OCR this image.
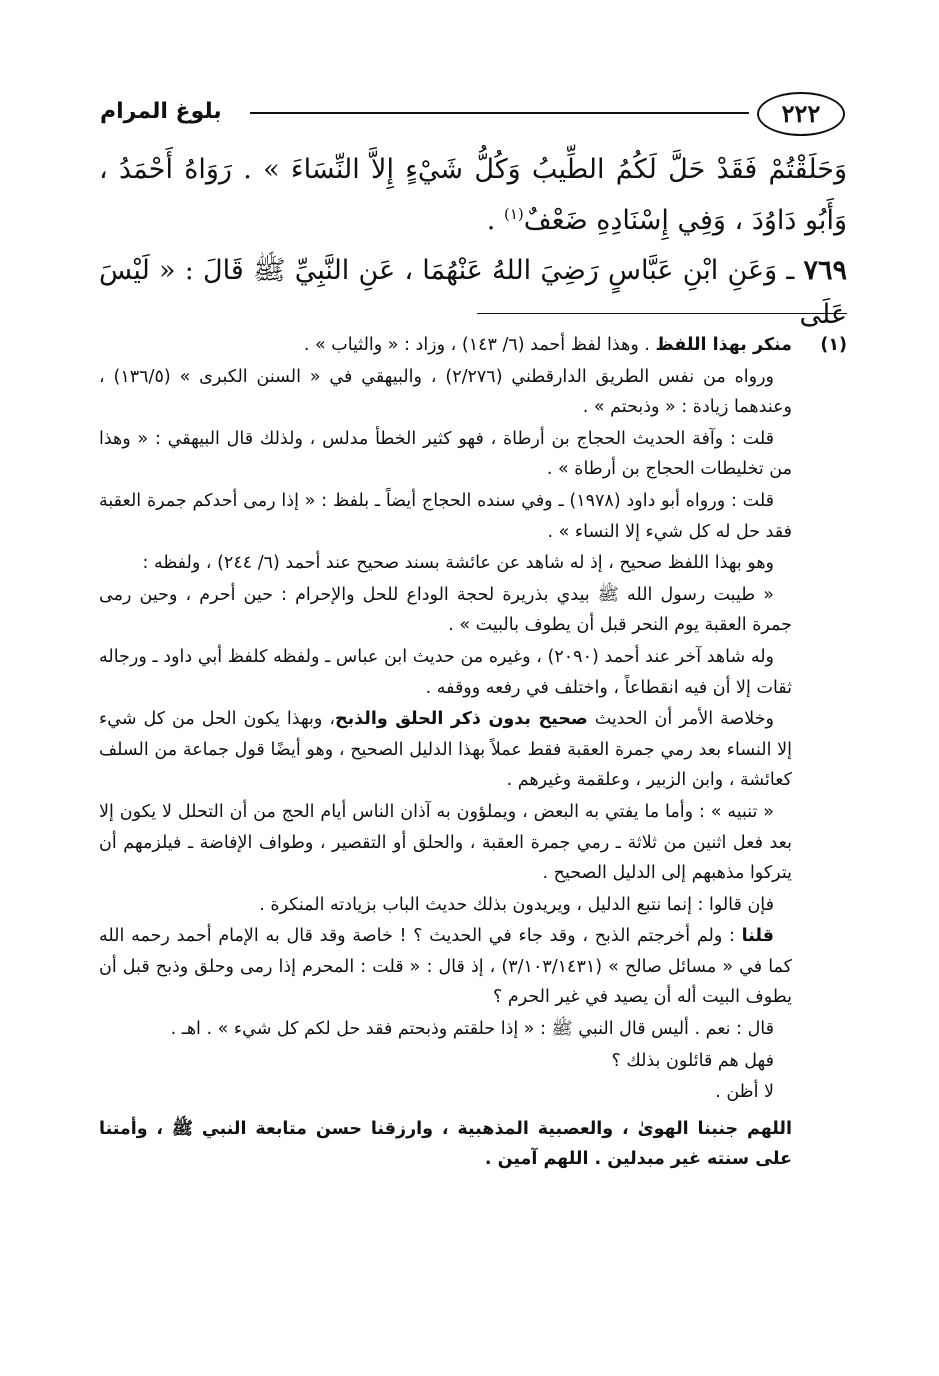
٢٢٢
بلوغ المرام

وَحَلَقْتُمْ فَقَدْ حَلَّ لَكُمُ الطِّيبُ وَكُلُّ شَيْءٍ إِلاَّ النِّسَاءَ » . رَوَاهُ أَحْمَدُ ، وَأَبُو دَاوُدَ ، وَفِي إِسْنَادِهِ ضَعْفٌ$^{(١)}$ .

٧٦٩ ـ وَعَنِ ابْنِ عَبَّاسٍ رَضِيَ اللهُ عَنْهُمَا ، عَنِ النَّبِيِّ ﷺ قَالَ : « لَيْسَ عَلَى

(١)

منكر بهذا اللفظ . وهذا لفظ أحمد (٦/ ١٤٣) ، وزاد : « والثياب » .

ورواه من نفس الطريق الدارقطني (٢/٢٧٦) ، والبيهقي في « السنن الكبرى » (١٣٦/٥) ، وعندهما زيادة : « وذبحتم » .

قلت : وآفة الحديث الحجاج بن أرطاة ، فهو كثير الخطأ مدلس ، ولذلك قال البيهقي : « وهذا من تخليطات الحجاج بن أرطاة » .

قلت : ورواه أبو داود (١٩٧٨) ـ وفي سنده الحجاج أيضاً ـ بلفظ : « إذا رمى أحدكم جمرة العقبة فقد حل له كل شيء إلا النساء » .

وهو بهذا اللفظ صحيح ، إذ له شاهد عن عائشة بسند صحيح عند أحمد (٦/ ٢٤٤) ، ولفظه :

« طيبت رسول الله ﷺ بيدي بذريرة لحجة الوداع للحل والإحرام : حين أحرم ، وحين رمى جمرة العقبة يوم النحر قبل أن يطوف بالبيت » .

وله شاهد آخر عند أحمد (٢٠٩٠) ، وغيره من حديث ابن عباس ـ ولفظه كلفظ أبي داود ـ ورجاله ثقات إلا أن فيه انقطاعاً ، واختلف في رفعه ووقفه .

وخلاصة الأمر أن الحديث صحيح بدون ذكر الحلق والذبح، وبهذا يكون الحل من كل شيء إلا النساء بعد رمي جمرة العقبة فقط عملاً بهذا الدليل الصحيح ، وهو أيضًا قول جماعة من السلف كعائشة ، وابن الزبير ، وعلقمة وغيرهم .

« تنبيه » : وأما ما يفتي به البعض ، ويملؤون به آذان الناس أيام الحج من أن التحلل لا يكون إلا بعد فعل اثنين من ثلاثة ـ رمي جمرة العقبة ، والحلق أو التقصير ، وطواف الإفاضة ـ فيلزمهم أن يتركوا مذهبهم إلى الدليل الصحيح .

فإن قالوا : إنما نتبع الدليل ، ويريدون بذلك حديث الباب بزيادته المنكرة .

قلنا : ولم أخرجتم الذبح ، وقد جاء في الحديث ؟ ! خاصة وقد قال به الإمام أحمد رحمه الله كما في « مسائل صالح » (٣/١٠٣/١٤٣١) ، إذ قال : « قلت : المحرم إذا رمى وحلق وذبح قبل أن يطوف البيت أله أن يصيد في غير الحرم ؟

قال : نعم . أليس قال النبي ﷺ : « إذا حلقتم وذبحتم فقد حل لكم كل شيء » . اهـ .

فهل هم قائلون بذلك ؟

لا أظن .

اللهم جنبنا الهوىٰ ، والعصبية المذهبية ، وارزقنا حسن متابعة النبي ﷺ ، وأمتنا على سنته غير مبدلين . اللهم آمين .
